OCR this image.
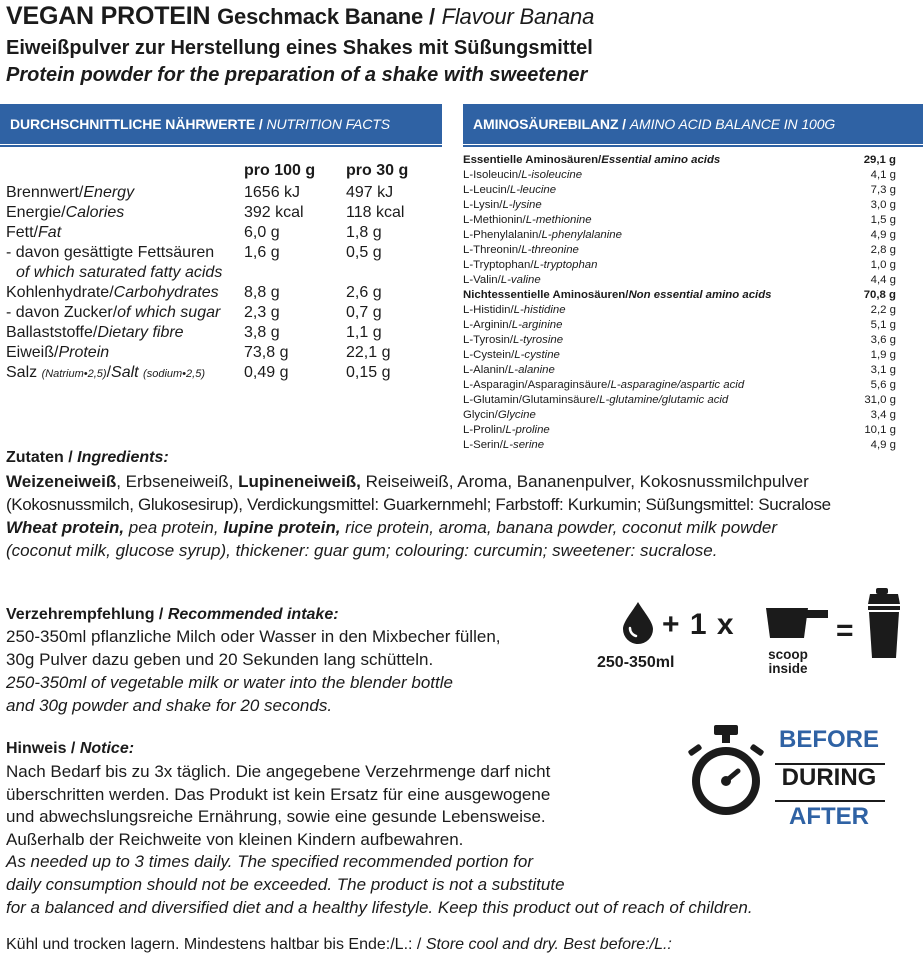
VEGAN PROTEIN Geschmack Banane / Flavour Banana
Eiweißpulver zur Herstellung eines Shakes mit Süßungsmittel
Protein powder for the preparation of a shake with sweetener
DURCHSCHNITTLICHE NÄHRWERTE / NUTRITION FACTS	AMINOSÄUREBILANZ / AMINO ACID BALANCE IN 100G
pro 100 g	pro 30 g
Brennwert/Energy	1656 kJ	497 kJ
Energie/Calories	392 kcal	118 kcal
Fett/Fat	6,0 g	1,8 g
- davon gesättigte Fettsäuren 1,6 g	0,5 g
of which saturated fatty acids
Kohlenhydrate/Carbohydrates 8,8 g	2,6 g
- davon Zucker/of which sugar 2,3 g	0,7 g
Ballaststoffe/Dietary fibre	3,8 g	1,1 g
Eiweiß/Protein	73,8 g	22,1 g
Salz (Natrium•2,5)/Salt (sodium•2,5) 0,49 g	0,15 g
Essentielle Aminosäuren/Essential amino acids	29,1 g
L-Isoleucin/L-isoleucine	4,1 g
L-Leucin/L-leucine	7,3 g
L-Lysin/L-lysine	3,0 g
L-Methionin/L-methionine	1,5 g
L-Phenylalanin/L-phenylalanine	4,9 g
L-Threonin/L-threonine	2,8 g
L-Tryptophan/L-tryptophan	1,0 g
L-Valin/L-valine	4,4 g
Nichtessentielle Aminosäuren/Non essential amino acids	70,8 g
L-Histidin/L-histidine	2,2 g
L-Arginin/L-arginine	5,1 g
L-Tyrosin/L-tyrosine	3,6 g
L-Cystein/L-cystine	1,9 g
L-Alanin/L-alanine	3,1 g
L-Asparagin/Asparaginsäure/L-asparagine/aspartic acid	5,6 g
L-Glutamin/Glutaminsäure/L-glutamine/glutamic acid	31,0 g
Glycin/Glycine	3,4 g
L-Prolin/L-proline	10,1 g
L-Serin/L-serine	4,9 g
Zutaten / Ingredients:
Weizeneiweiß, Erbseneiweiß, Lupineneiweiß, Reiseiweiß, Aroma, Bananenpulver, Kokosnussmilchpulver
(Kokosnussmilch, Glukosesirup), Verdickungsmittel: Guarkernmehl; Farbstoff: Kurkumin; Süßungsmittel: Sucralose
Wheat protein, pea protein, lupine protein, rice protein, aroma, banana powder, coconut milk powder
(coconut milk, glucose syrup), thickener: guar gum; colouring: curcumin; sweetener: sucralose.
Verzehrempfehlung / Recommended intake:
250-350ml pflanzliche Milch oder Wasser in den Mixbecher füllen,
30g Pulver dazu geben und 20 Sekunden lang schütteln.
250-350ml of vegetable milk or water into the blender bottle
and 30g powder and shake for 20 seconds.
+ 1 x	=
250-350ml	scoop
inside
Hinweis / Notice:
Nach Bedarf bis zu 3x täglich. Die angegebene Verzehrmenge darf nicht
überschritten werden. Das Produkt ist kein Ersatz für eine ausgewogene
und abwechslungsreiche Ernährung, sowie eine gesunde Lebensweise.
Außerhalb der Reichweite von kleinen Kindern aufbewahren.
As needed up to 3 times daily. The specified recommended portion for
daily consumption should not be exceeded. The product is not a substitute
for a balanced and diversified diet and a healthy lifestyle. Keep this product out of reach of children.
BEFORE
DURING
AFTER
Kühl und trocken lagern. Mindestens haltbar bis Ende:/L.: / Store cool and dry. Best before:/L.:
